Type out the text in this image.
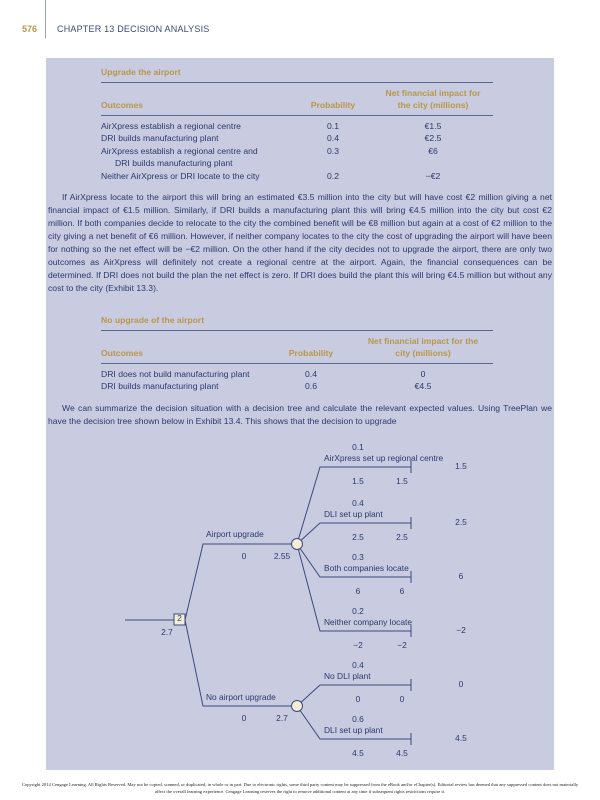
576 CHAPTER 13 DECISION ANALYSIS
Upgrade the airport
Net financial impact for
Outcomes	Probability	the city (millions)
AirXpress establish a regional centre	0.1	€1.5
DRI builds manufacturing plant	0.4	€2.5
AirXpress establish a regional centre and
DRI builds manufacturing plant
0.3	€6
Neither AirXpress or DRI locate to the city	0.2	−€2
If AirXpress locate to the airport this will bring an estimated €3.5 million into the city but will have cost €2 million giving a net financial impact of €1.5 million. Similarly, if DRI builds a manufacturing plant this will bring €4.5 million into the city but cost €2 million. If both companies decide to relocate to the city the combined benefit will be €8 million but again at a cost of €2 million to the city giving a net benefit of €6 million. However, if neither company locates to the city the cost of upgrading the airport will have been for nothing so the net effect will be −€2 million. On the other hand if the city decides not to upgrade the airport, there are only two outcomes as AirXpress will definitely not create a regional centre at the airport. Again, the financial consequences can be determined. If DRI does not build the plan the net effect is zero. If DRI does build the plant this will bring €4.5 million but without any cost to the city (Exhibit 13.3).
No upgrade of the airport
Net financial impact for the
Outcomes	Probability	city (millions)
DRI does not build manufacturing plant	0.4	0
DRI builds manufacturing plant	0.6	€4.5
We can summarize the decision situation with a decision tree and calculate the relevant expected values. Using TreePlan we have the decision tree shown below in Exhibit 13.4. This shows that the decision to upgrade
2
2.7
Airport upgrade
0	2.55
No airport upgrade
0	2.7
0.1
AirXpress set up regional centre
1.5	1.5
1.5
0.4
DLI set up plant
2.5	2.5
2.5
0.3
Both companies locate
6	6
6
0.2
Neither company locate
−2	−2
−2
0.4
No DLI plant
0	0
0
0.6
DLI set up plant
4.5	4.5
4.5
Copyright 2014 Cengage Learning. All Rights Reserved. May not be copied, scanned, or duplicated, in whole or in part. Due to electronic rights, some third party content may be suppressed from the eBook and/or eChapter(s). Editorial review has deemed that any suppressed content does not materially affect the overall learning experience. Cengage Learning reserves the right to remove additional content at any time if subsequent rights restrictions require it.
